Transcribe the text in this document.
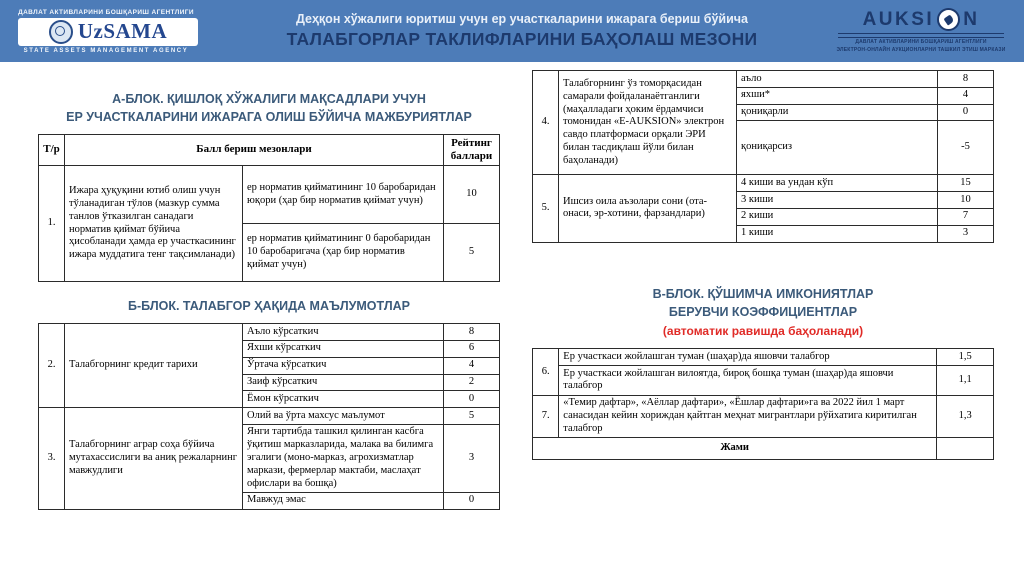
ДАВЛАТ АКТИВЛАРИНИ БОШҚАРИШ АГЕНТЛИГИ
UzSAMA
STATE ASSETS MANAGEMENT AGENCY
Деҳқон хўжалиги юритиш учун ер участкаларини ижарага бериш бўйича
ТАЛАБГОРЛАР ТАКЛИФЛАРИНИ БАҲОЛАШ МЕЗОНИ
AUKSI N
ДАВЛАТ АКТИВЛАРИНИ БОШҚАРИШ АГЕНТЛИГИ
ЭЛЕКТРОН-ОНЛАЙН АУКЦИОНЛАРНИ ТАШКИЛ ЭТИШ МАРКАЗИ
А-БЛОК. ҚИШЛОҚ ХЎЖАЛИГИ МАҚСАДЛАРИ УЧУН
ЕР УЧАСТКАЛАРИНИ ИЖАРАГА ОЛИШ БЎЙИЧА МАЖБУРИЯТЛАР
Т/р	Балл бериш мезонлари		Рейтинг баллари
1.	Ижара ҳуқуқини ютиб олиш учун тўланадиган тўлов (мазкур сумма танлов ўтказилган санадаги норматив қиймат бўйича ҳисобланади ҳамда ер участкасининг ижара муддатига тенг тақсимланади)	ер норматив қийматининг 10 баробаридан юқори (ҳар бир норматив қиймат учун)	10
		ер норматив қийматининг 0 баробаридан 10 баробаригача (ҳар бир норматив қиймат учун)	5
Б-БЛОК. ТАЛАБГОР ҲАҚИДА МАЪЛУМОТЛАР
2.	Талабгорнинг кредит тарихи	Аъло кўрсаткич	8
		Яхши кўрсаткич	6
		Ўртача кўрсаткич	4
		Заиф кўрсаткич	2
		Ёмон кўрсаткич	0
3.	Талабгорнинг аграр соҳа бўйича мутахассислиги ва аниқ режаларнинг мавжудлиги	Олий ва ўрта махсус маълумот	5
		Янги тартибда ташкил қилинган касбга ўқитиш марказларида, малака ва билимга эгалиги (моно-марказ, агрохизматлар маркази, фермерлар мактаби, маслаҳат офислари ва бошқа)	3
		Мавжуд эмас	0
4.	Талабгорнинг ўз томорқасидан самарали фойдаланаётганлиги (маҳалладаги ҳоким ёрдамчиси томонидан «E-AUKSION» электрон савдо платформаси орқали ЭРИ билан тасдиқлаш йўли билан баҳоланади)	аъло	8
		яхши*	4
		қониқарли	0
		қониқарсиз	-5
5.	Ишсиз оила аъзолари сони (ота-онаси, эр-хотини, фарзандлари)	4 киши ва ундан кўп	15
		3 киши	10
		2 киши	7
		1 киши	3
В-БЛОК. ҚЎШИМЧА ИМКОНИЯТЛАР
БЕРУВЧИ КОЭФФИЦИЕНТЛАР
(автоматик равишда баҳоланади)
6.	Ер участкаси жойлашган туман (шаҳар)да яшовчи талабгор	1,5
	Ер участкаси жойлашган вилоятда, бироқ бошқа туман (шаҳар)да яшовчи талабгор	1,1
7.	«Темир дафтар», «Аёллар дафтари», «Ёшлар дафтари»га ва 2022 йил 1 март санасидан кейин хориждан қайтган меҳнат мигрантлари рўйхатига киритилган талабгор	1,3
Жами		
